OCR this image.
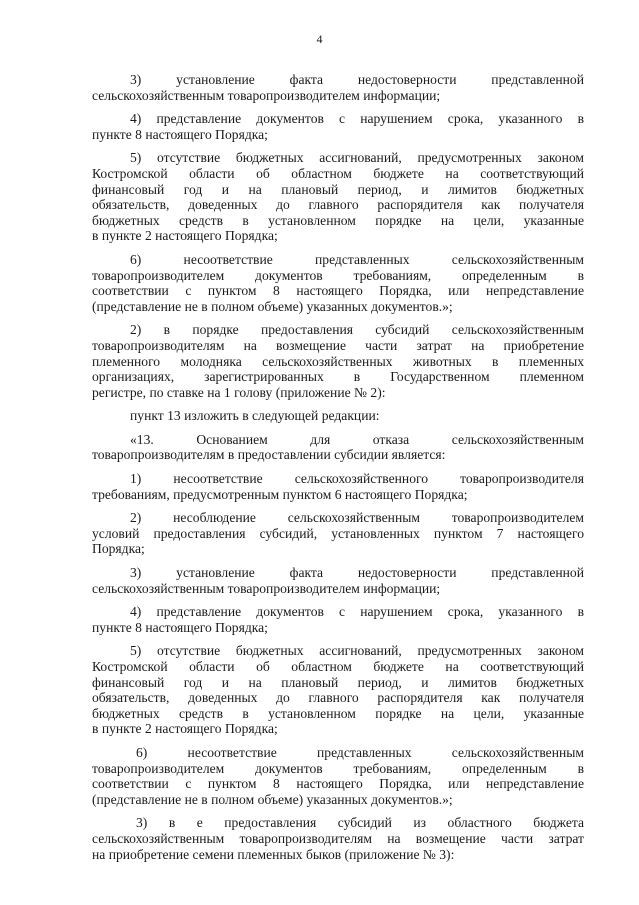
4
3) установление факта недостоверности представленной
сельскохозяйственным товаропроизводителем информации;
4) представление документов с нарушением срока, указанного в
пункте 8 настоящего Порядка;
5) отсутствие бюджетных ассигнований, предусмотренных законом
Костромской области об областном бюджете на соответствующий
финансовый год и на плановый период, и лимитов бюджетных
обязательств, доведенных до главного распорядителя как получателя
бюджетных средств в установленном порядке на цели, указанные
в пункте 2 настоящего Порядка;
6) несоответствие представленных сельскохозяйственным
товаропроизводителем документов требованиям, определенным в
соответствии с пунктом 8 настоящего Порядка, или непредставление
(представление не в полном объеме) указанных документов.»;
2) в порядке предоставления субсидий сельскохозяйственным
товаропроизводителям на возмещение части затрат на приобретение
племенного молодняка сельскохозяйственных животных в племенных
организациях, зарегистрированных в Государственном племенном
регистре, по ставке на 1 голову (приложение № 2):
пункт 13 изложить в следующей редакции:
«13. Основанием для отказа сельскохозяйственным
товаропроизводителям в предоставлении субсидии является:
1) несоответствие сельскохозяйственного товаропроизводителя
требованиям, предусмотренным пунктом 6 настоящего Порядка;
2) несоблюдение сельскохозяйственным товаропроизводителем
условий предоставления субсидий, установленных пунктом 7 настоящего
Порядка;
3) установление факта недостоверности представленной
сельскохозяйственным товаропроизводителем информации;
4) представление документов с нарушением срока, указанного в
пункте 8 настоящего Порядка;
5) отсутствие бюджетных ассигнований, предусмотренных законом
Костромской области об областном бюджете на соответствующий
финансовый год и на плановый период, и лимитов бюджетных
обязательств, доведенных до главного распорядителя как получателя
бюджетных средств в установленном порядке на цели, указанные
в пункте 2 настоящего Порядка;
6) несоответствие представленных сельскохозяйственным
товаропроизводителем документов требованиям, определенным в
соответствии с пунктом 8 настоящего Порядка, или непредставление
(представление не в полном объеме) указанных документов.»;
3) в е предоставления субсидий из областного бюджета
сельскохозяйственным товаропроизводителям на возмещение части затрат
на приобретение семени племенных быков (приложение № 3):
